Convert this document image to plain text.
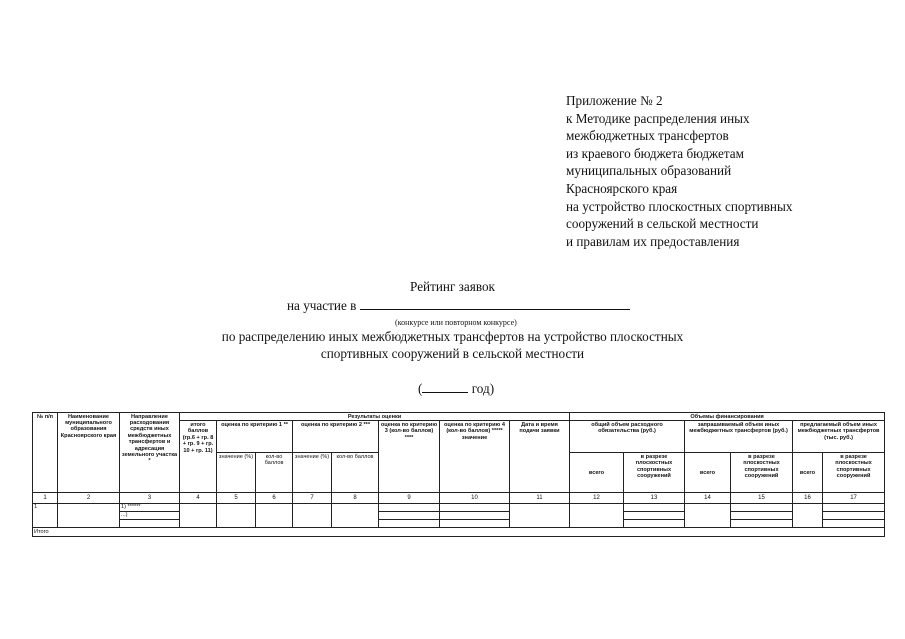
Приложение № 2
к Методике распределения иных
межбюджетных трансфертов
из краевого бюджета бюджетам
муниципальных образований
Красноярского края
на устройство плоскостных спортивных
сооружений в сельской местности
и правилам их предоставления
Рейтинг заявок
на участие в
(конкурсе или повторном конкурсе)
по распределению иных межбюджетных трансфертов на устройство плоскостных
спортивных сооружений в сельской местности
(	год)
№ п/п	Наименование муниципального образования Красноярского края	Направление расходования средств иных межбюджетных трансфертов и адресация земельного участка *	Результаты оценки								Объемы финансирования					
			итого баллов (гр.6 + гр. 8 + гр. 9 + гр. 10 + гр. 11)	оценка по критерию 1 **		оценка по критерию 2 ***		оценка по критерию 3 (кол-во баллов) ****	оценка по критерию 4 (кол-во баллов) ***** значение	Дата и время подачи заявки	общий объем расходного обязательства (руб.)		запрашиваемый объем иных межбюджетных трансфертов (руб.)		предлагаемый объем иных межбюджетных трансфертов (тыс. руб.)	
				значение (%)	кол-во баллов	значение (%)	кол-во баллов				всего	в разрезе плоскостных спортивных сооружений	всего	в разрезе плоскостных спортивных сооружений	всего	в разрезе плоскостных спортивных сооружений
1	2	3	4	5	6	7	8	9	10	11	12	13	14	15	16	17
1		1) ******														
		...)														

Итого																
